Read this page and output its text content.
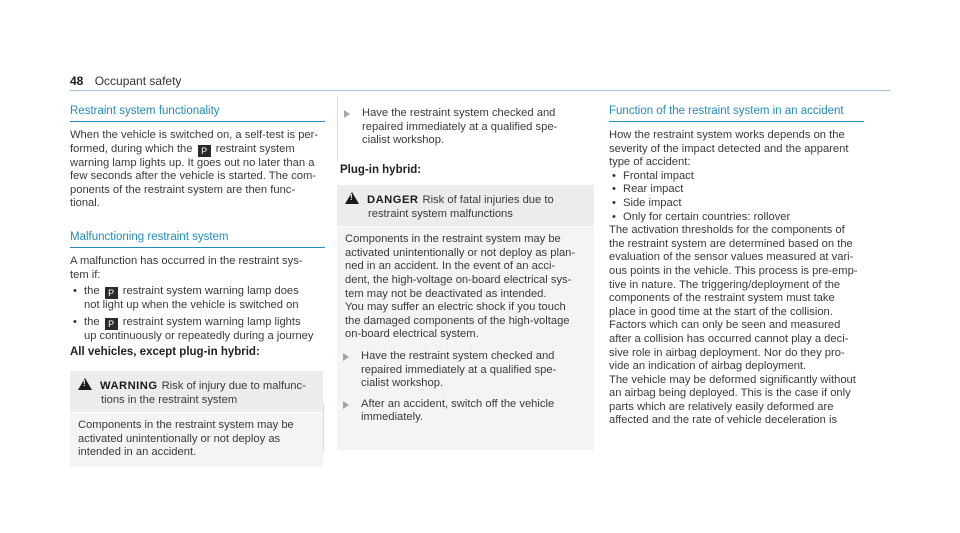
48 Occupant safety
Restraint system functionality
When the vehicle is switched on, a self-test is per-
formed, during which the P restraint system
warning lamp lights up. It goes out no later than a
few seconds after the vehicle is started. The com-
ponents of the restraint system are then func-
tional.
Malfunctioning restraint system
A malfunction has occurred in the restraint sys-
tem if:
• the P restraint system warning lamp does
not light up when the vehicle is switched on
• the P restraint system warning lamp lights
up continuously or repeatedly during a journey
All vehicles, except plug-in hybrid:
!WARNING Risk of injury due to malfunc-
tions in the restraint system
Components in the restraint system may be
activated unintentionally or not deploy as
intended in an accident.
Have the restraint system checked and
repaired immediately at a qualified spe-
cialist workshop.
Plug-in hybrid:
!DANGER Risk of fatal injuries due to
restraint system malfunctions
Components in the restraint system may be
activated unintentionally or not deploy as plan-
ned in an accident. In the event of an acci-
dent, the high-voltage on-board electrical sys-
tem may not be deactivated as intended.
You may suffer an electric shock if you touch
the damaged components of the high-voltage
on-board electrical system.
Have the restraint system checked and
repaired immediately at a qualified spe-
cialist workshop.
After an accident, switch off the vehicle
immediately.
Function of the restraint system in an accident
How the restraint system works depends on the
severity of the impact detected and the apparent
type of accident:
• Frontal impact
• Rear impact
• Side impact
• Only for certain countries: rollover
The activation thresholds for the components of
the restraint system are determined based on the
evaluation of the sensor values measured at vari-
ous points in the vehicle. This process is pre-emp-
tive in nature. The triggering/deployment of the
components of the restraint system must take
place in good time at the start of the collision.
Factors which can only be seen and measured
after a collision has occurred cannot play a deci-
sive role in airbag deployment. Nor do they pro-
vide an indication of airbag deployment.
The vehicle may be deformed significantly without
an airbag being deployed. This is the case if only
parts which are relatively easily deformed are
affected and the rate of vehicle deceleration is
